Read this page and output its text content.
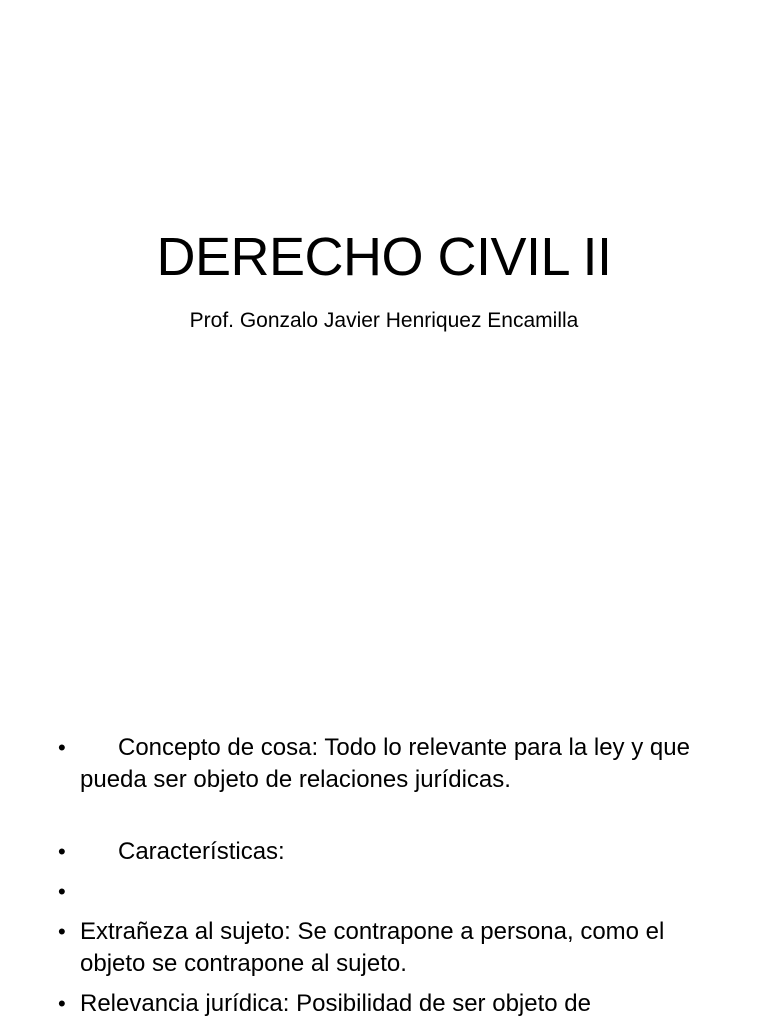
DERECHO CIVIL II

Prof. Gonzalo Javier Henriquez Encamilla

•	Concepto de cosa: Todo lo relevante para la ley y que pueda ser objeto de relaciones jurídicas.
•	Características:
•
• Extrañeza al sujeto: Se contrapone a persona, como el objeto se contrapone al sujeto.
• Relevancia jurídica: Posibilidad de ser objeto de
